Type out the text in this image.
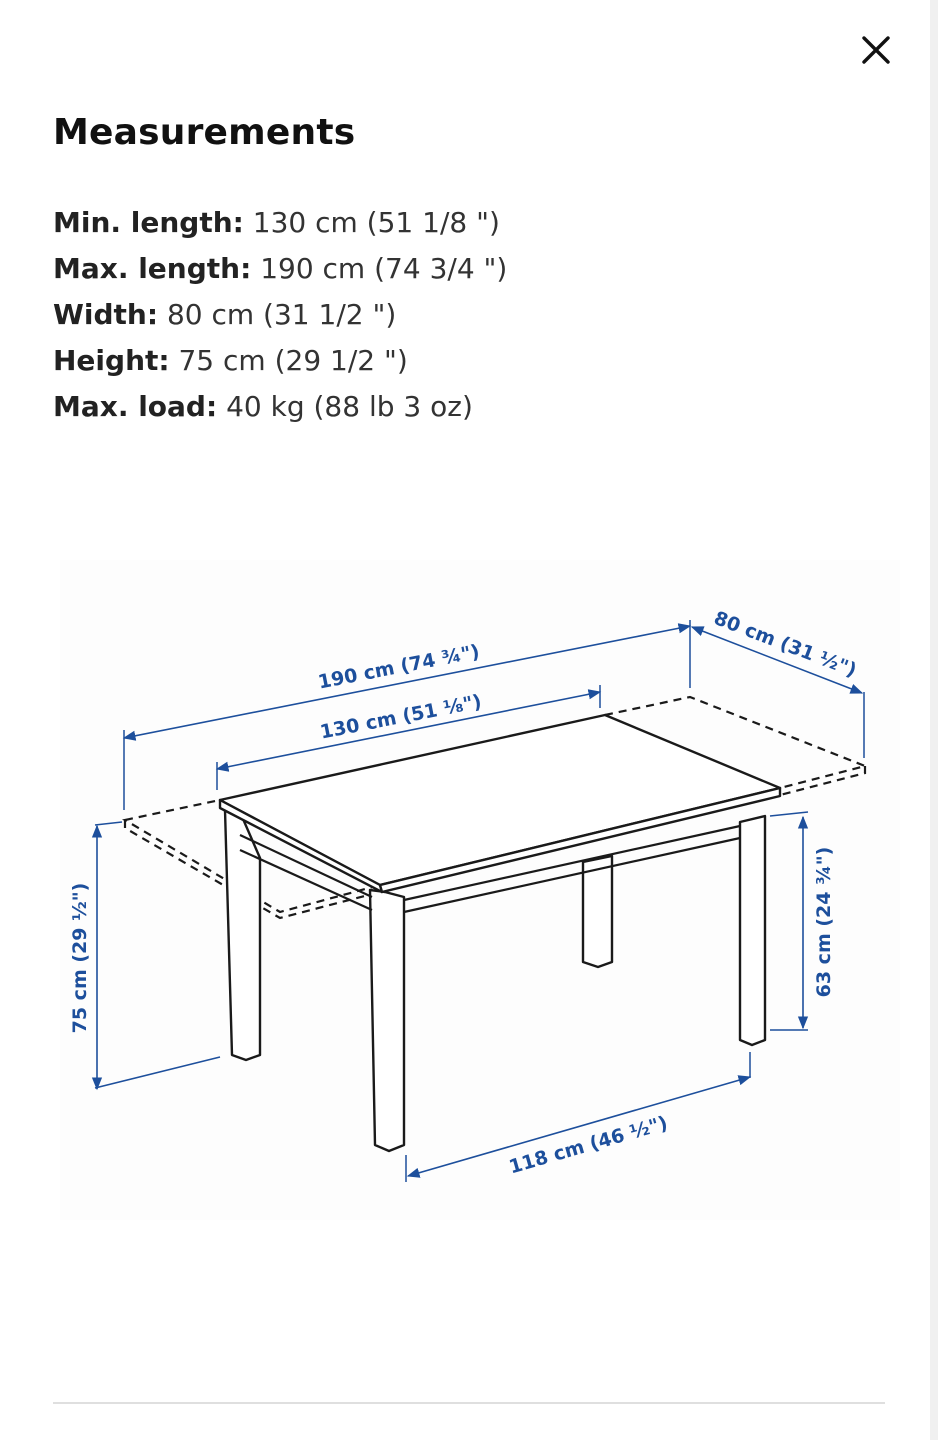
Measurements
Min. length: 130 cm (51 1/8 ")
Max. length: 190 cm (74 3/4 ")
Width: 80 cm (31 1/2 ")
Height: 75 cm (29 1/2 ")
Max. load: 40 kg (88 lb 3 oz)
190 cm (74 ¾")
130 cm (51 ⅛")
80 cm (31 ½")
75 cm (29 ½")	63 cm (24 ¾")
118 cm (46 ½")
